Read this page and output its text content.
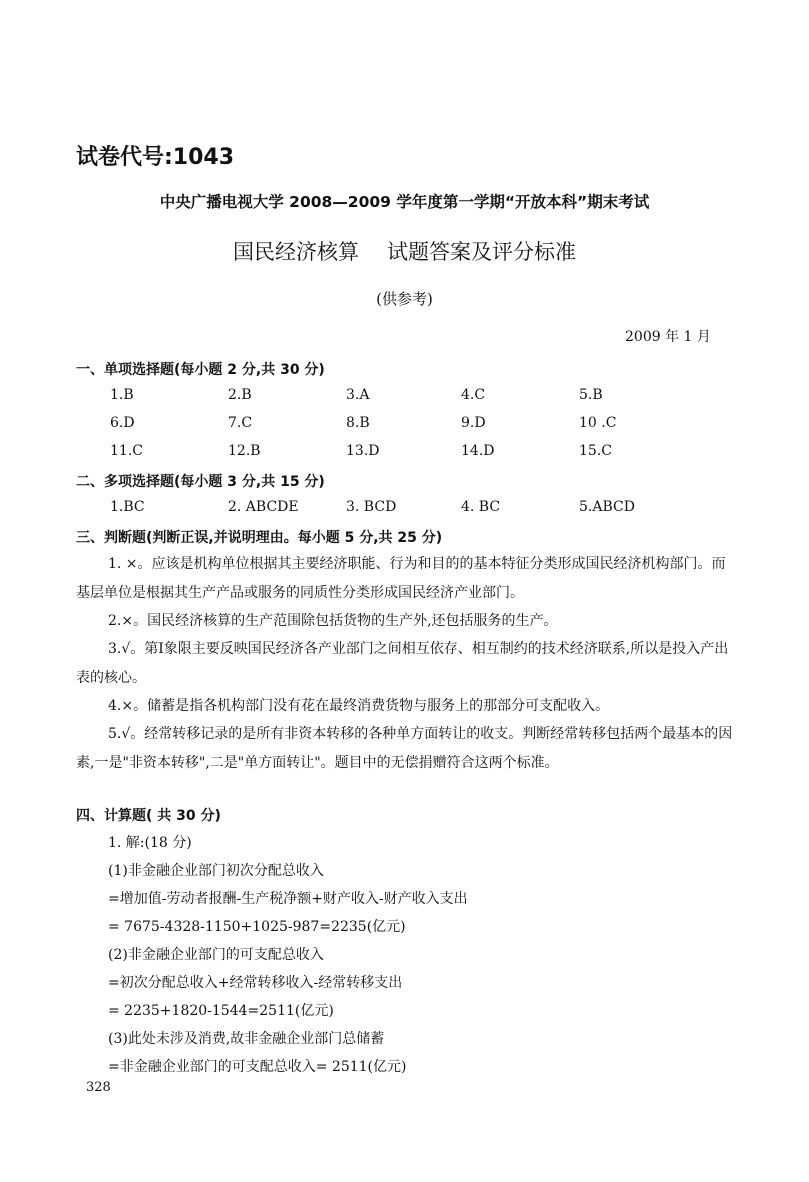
试卷代号:1043
中央广播电视大学 2008—2009 学年度第一学期“开放本科”期末考试
国民经济核算 试题答案及评分标准
(供参考)
2009 年 1 月
一、单项选择题(每小题 2 分,共 30 分)
1.B	2.B	3.A	4.C	5.B
6.D	7.C	8.B	9.D	10 .C
11.C	12.B	13.D	14.D	15.C
二、多项选择题(每小题 3 分,共 15 分)
1.BC	2. ABCDE	3. BCD	4. BC	5.ABCD
三、判断题(判断正误,并说明理由。每小题 5 分,共 25 分)
1. ×。应该是机构单位根据其主要经济职能、行为和目的的基本特征分类形成国民经济机构部门。而基层单位是根据其生产产品或服务的同质性分类形成国民经济产业部门。
2.×。国民经济核算的生产范围除包括货物的生产外,还包括服务的生产。
3.√。第Ⅰ象限主要反映国民经济各产业部门之间相互依存、相互制约的技术经济联系,所以是投入产出表的核心。
4.×。储蓄是指各机构部门没有花在最终消费货物与服务上的那部分可支配收入。
5.√。经常转移记录的是所有非资本转移的各种单方面转让的收支。判断经常转移包括两个最基本的因素,一是"非资本转移",二是"单方面转让"。题目中的无偿捐赠符合这两个标准。
四、计算题( 共 30 分)
1. 解:(18 分)
(1)非金融企业部门初次分配总收入
=增加值-劳动者报酬-生产税净额+财产收入-财产收入支出
= 7675-4328-1150+1025-987=2235(亿元)
(2)非金融企业部门的可支配总收入
=初次分配总收入+经常转移收入-经常转移支出
= 2235+1820-1544=2511(亿元)
(3)此处未涉及消费,故非金融企业部门总储蓄
=非金融企业部门的可支配总收入= 2511(亿元)
328
